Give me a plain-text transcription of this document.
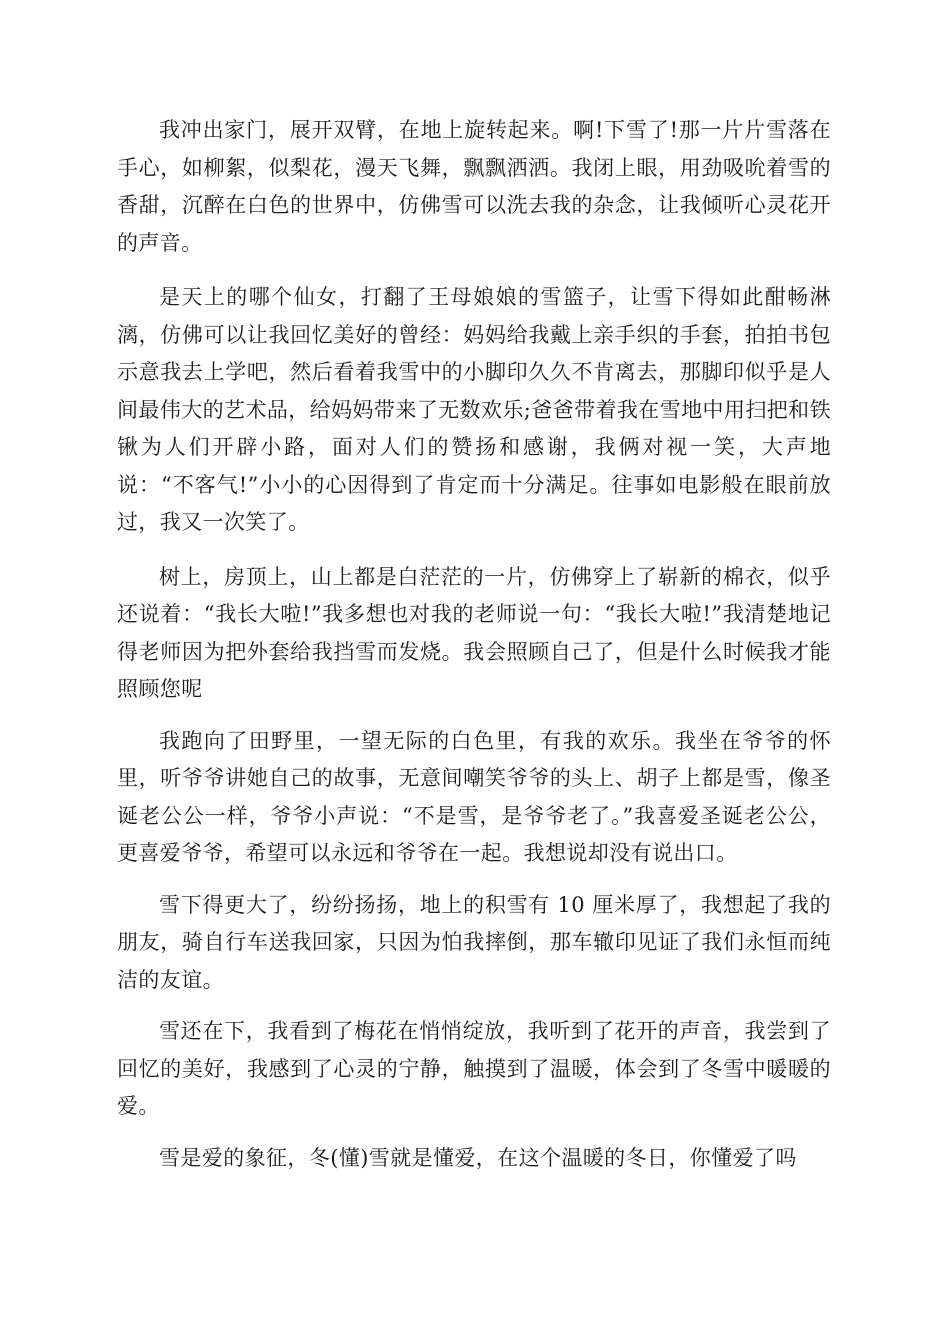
我冲出家门，展开双臂，在地上旋转起来。啊!下雪了!那一片片雪落在手心，如柳絮，似梨花，漫天飞舞，飘飘洒洒。我闭上眼，用劲吸吮着雪的香甜，沉醉在白色的世界中，仿佛雪可以洗去我的杂念，让我倾听心灵花开的声音。

是天上的哪个仙女，打翻了王母娘娘的雪篮子，让雪下得如此酣畅淋漓，仿佛可以让我回忆美好的曾经：妈妈给我戴上亲手织的手套，拍拍书包示意我去上学吧，然后看着我雪中的小脚印久久不肯离去，那脚印似乎是人间最伟大的艺术品，给妈妈带来了无数欢乐;爸爸带着我在雪地中用扫把和铁锹为人们开辟小路，面对人们的赞扬和感谢，我俩对视一笑，大声地说：“不客气!”小小的心因得到了肯定而十分满足。往事如电影般在眼前放过，我又一次笑了。

树上，房顶上，山上都是白茫茫的一片，仿佛穿上了崭新的棉衣，似乎还说着：“我长大啦!”我多想也对我的老师说一句：“我长大啦!”我清楚地记得老师因为把外套给我挡雪而发烧。我会照顾自己了，但是什么时候我才能照顾您呢

我跑向了田野里，一望无际的白色里，有我的欢乐。我坐在爷爷的怀里，听爷爷讲她自己的故事，无意间嘲笑爷爷的头上、胡子上都是雪，像圣诞老公公一样，爷爷小声说：“不是雪，是爷爷老了。”我喜爱圣诞老公公，更喜爱爷爷，希望可以永远和爷爷在一起。我想说却没有说出口。

雪下得更大了，纷纷扬扬，地上的积雪有 10 厘米厚了，我想起了我的朋友，骑自行车送我回家，只因为怕我摔倒，那车辙印见证了我们永恒而纯洁的友谊。

雪还在下，我看到了梅花在悄悄绽放，我听到了花开的声音，我尝到了回忆的美好，我感到了心灵的宁静，触摸到了温暖，体会到了冬雪中暖暖的爱。

雪是爱的象征，冬(懂)雪就是懂爱，在这个温暖的冬日，你懂爱了吗
